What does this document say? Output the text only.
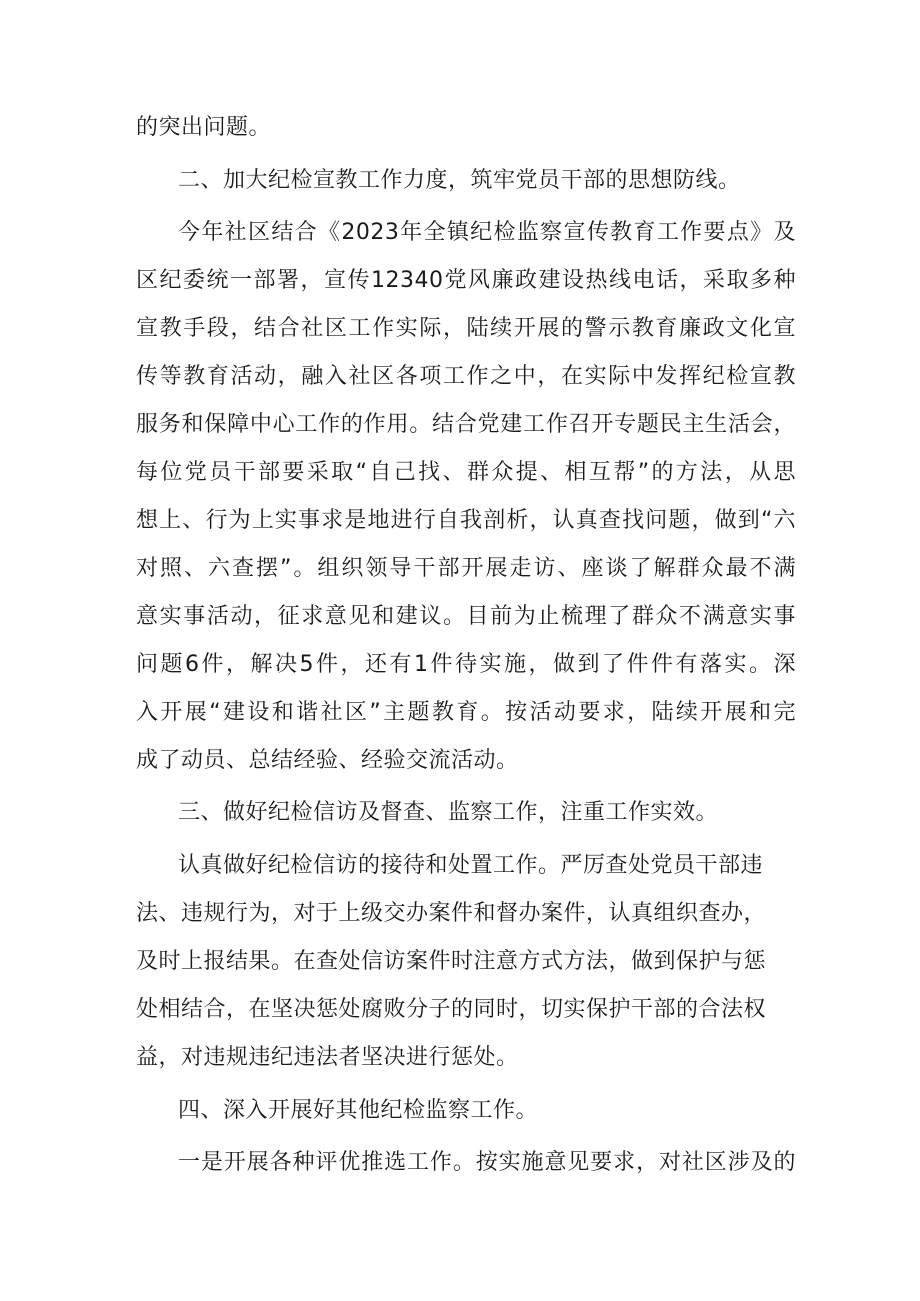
的突出问题。

二、加大纪检宣教工作力度，筑牢党员干部的思想防线。

今年社区结合《2023年全镇纪检监察宣传教育工作要点》及

区纪委统一部署，宣传12340党风廉政建设热线电话，采取多种

宣教手段，结合社区工作实际，陆续开展的警示教育廉政文化宣

传等教育活动，融入社区各项工作之中，在实际中发挥纪检宣教

服务和保障中心工作的作用。结合党建工作召开专题民主生活会，

每位党员干部要采取“自己找、群众提、相互帮”的方法，从思

想上、行为上实事求是地进行自我剖析，认真查找问题，做到“六

对照、六查摆”。组织领导干部开展走访、座谈了解群众最不满

意实事活动，征求意见和建议。目前为止梳理了群众不满意实事

问题6件，解决5件，还有1件待实施，做到了件件有落实。深

入开展“建设和谐社区”主题教育。按活动要求，陆续开展和完

成了动员、总结经验、经验交流活动。

三、做好纪检信访及督查、监察工作，注重工作实效。

认真做好纪检信访的接待和处置工作。严厉查处党员干部违

法、违规行为，对于上级交办案件和督办案件，认真组织查办，

及时上报结果。在查处信访案件时注意方式方法，做到保护与惩

处相结合，在坚决惩处腐败分子的同时，切实保护干部的合法权

益，对违规违纪违法者坚决进行惩处。

四、深入开展好其他纪检监察工作。

一是开展各种评优推选工作。按实施意见要求，对社区涉及的
